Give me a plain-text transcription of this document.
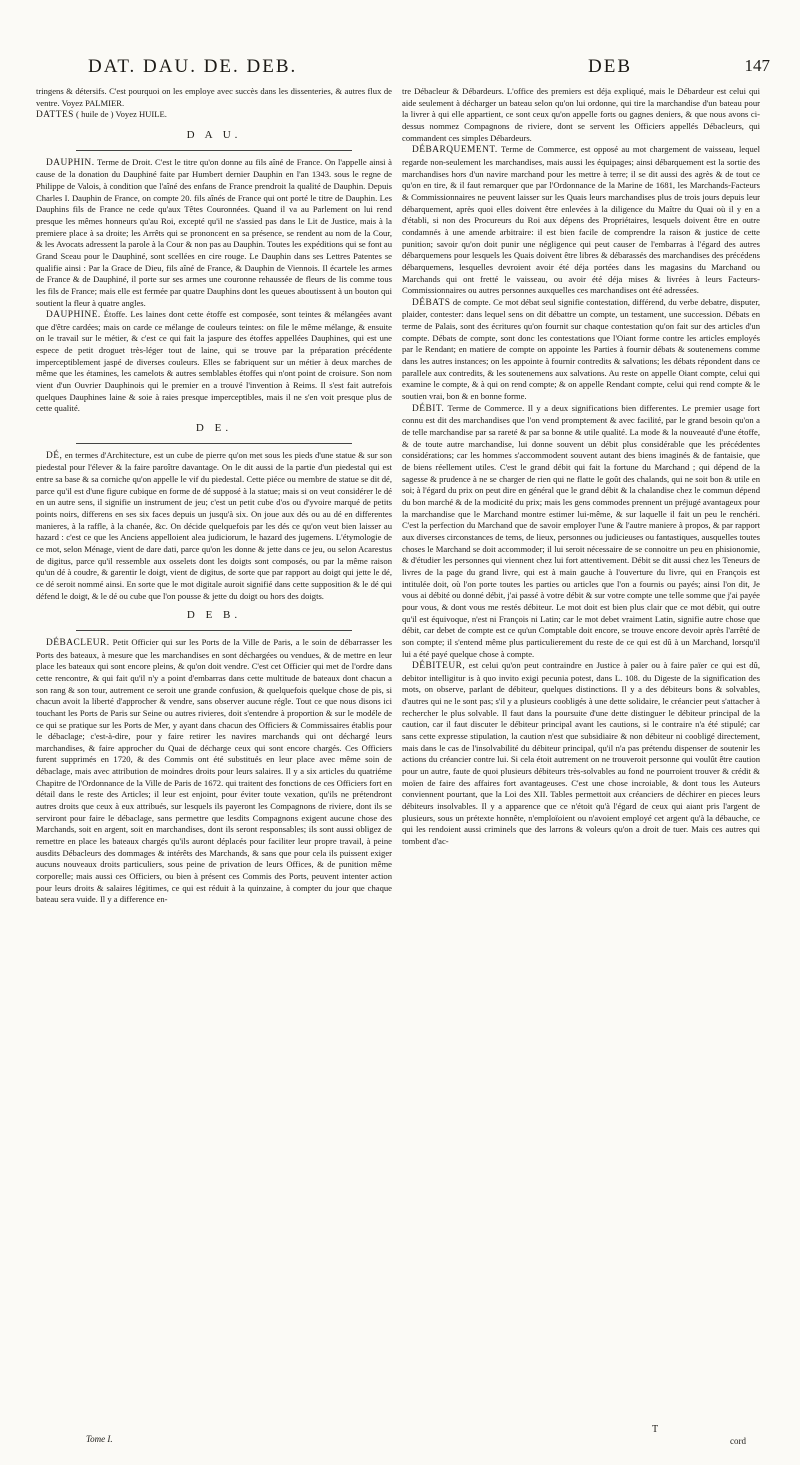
DAT. DAU. DE. DEB.	DEB	147

tringens & détersifs. C'est pourquoi on les employe avec succès dans les dissenteries, & autres flux de ventre. Voyez PALMIER.

DATTES ( huile de ) Voyez HUILE.

D A U.

DAUPHIN. Terme de Droit. C'est le titre qu'on donne au fils aîné de France. On l'appelle ainsi à cause de la donation du Dauphiné faite par Humbert dernier Dauphin en l'an 1343. sous le regne de Philippe de Valois, à condition que l'aîné des enfans de France prendroit la qualité de Dauphin. Depuis Charles I. Dauphin de France, on compte 20. fils aînés de France qui ont porté le titre de Dauphin. Les Dauphins fils de France ne cede qu'aux Têtes Couronnées. Quand il va au Parlement on lui rend presque les mêmes honneurs qu'au Roi, excepté qu'il ne s'assied pas dans le Lit de Justice, mais à la premiere place à sa droite; les Arrêts qui se prononcent en sa présence, se rendent au nom de la Cour, & les Avocats adressent la parole à la Cour & non pas au Dauphin. Toutes les expéditions qui se font au Grand Sceau pour le Dauphiné, sont scellées en cire rouge. Le Dauphin dans ses Lettres Patentes se qualifie ainsi : Par la Grace de Dieu, fils aîné de France, & Dauphin de Viennois. Il écartele les armes de France & de Dauphiné, il porte sur ses armes une couronne rehaussée de fleurs de lis comme tous les fils de France; mais elle est fermée par quatre Dauphins dont les queues aboutissent à un bouton qui soutient la fleur à quatre angles.

DAUPHINE. Étoffe. Les laines dont cette étoffe est composée, sont teintes & mélangées avant que d'être cardées; mais on carde ce mélange de couleurs teintes: on file le même mélange, & ensuite on le travail sur le métier, & c'est ce qui fait la jaspure des étoffes appellées Dauphines, qui est une espece de petit droguet très-léger tout de laine, qui se trouve par la préparation précédente imperceptiblement jaspé de diverses couleurs. Elles se fabriquent sur un métier à deux marches de même que les étamines, les camelots & autres semblables étoffes qui n'ont point de croisure. Son nom vient d'un Ouvrier Dauphinois qui le premier en a trouvé l'invention à Reims. Il s'est fait autrefois quelques Dauphines laine & soie à raies presque imperceptibles, mais il ne s'en voit presque plus de cette qualité.

D E.

DÉ, en termes d'Architecture, est un cube de pierre qu'on met sous les pieds d'une statue & sur son piedestal pour l'élever & la faire paroître davantage. On le dit aussi de la partie d'un piedestal qui est entre sa base & sa corniche qu'on appelle le vif du piedestal. Cette piéce ou membre de statue se dit dé, parce qu'il est d'une figure cubique en forme de dé supposé à la statue; mais si on veut considérer le dé en un autre sens, il signifie un instrument de jeu; c'est un petit cube d'os ou d'yvoire marqué de petits points noirs, differens en ses six faces depuis un jusqu'à six. On joue aux dés ou au dé en differentes manieres, à la raffle, à la chanée, &c. On décide quelquefois par les dés ce qu'on veut bien laisser au hazard : c'est ce que les Anciens appelloient alea judiciorum, le hazard des jugemens. L'étymologie de ce mot, selon Ménage, vient de dare dati, parce qu'on les donne & jette dans ce jeu, ou selon Acarestus de digitus, parce qu'il ressemble aux osselets dont les doigts sont composés, ou par la même raison qu'un dé à coudre, & garentir le doigt, vient de digitus, de sorte que par rapport au doigt qui jette le dé, ce dé seroit nommé ainsi. En sorte que le mot digitale auroit signifié dans cette supposition & le dé qui défend le doigt, & le dé ou cube que l'on pousse & jette du doigt ou hors des doigts.

D E B.

DÉBACLEUR. Petit Officier qui sur les Ports de la Ville de Paris, a le soin de débarrasser les Ports des bateaux, à mesure que les marchandises en sont déchargées ou vendues, & de mettre en leur place les bateaux qui sont encore pleins, & qu'on doit vendre. C'est cet Officier qui met de l'ordre dans cette rencontre, & qui fait qu'il n'y a point d'embarras dans cette multitude de bateaux dont chacun a son rang & son tour, autrement ce seroit une grande confusion, & quelquefois quelque chose de pis, si chacun avoit la liberté d'approcher & vendre, sans observer aucune régle. Tout ce que nous disons ici touchant les Ports de Paris sur Seine ou autres rivieres, doit s'entendre à proportion & sur le modéle de ce qui se pratique sur les Ports de Mer, y ayant dans chacun des Officiers & Commissaires établis pour le débaclage; c'est-à-dire, pour y faire retirer les navires marchands qui ont déchargé leurs marchandises, & faire approcher du Quai de décharge ceux qui sont encore chargés. Ces Officiers furent supprimés en 1720, & des Commis ont été substitués en leur place avec même soin de débaclage, mais avec attribution de moindres droits pour leurs salaires. Il y a six articles du quatriéme Chapitre de l'Ordonnance de la Ville de Paris de 1672. qui traitent des fonctions de ces Officiers fort en détail dans le reste des Articles; il leur est enjoint, pour éviter toute vexation, qu'ils ne prétendront autres droits que ceux à eux attribués, sur lesquels ils payeront les Compagnons de riviere, dont ils se serviront pour faire le débaclage, sans permettre que lesdits Compagnons exigent aucune chose des Marchands, soit en argent, soit en marchandises, dont ils seront responsables; ils sont aussi obligez de remettre en place les bateaux chargés qu'ils auront déplacés pour faciliter leur propre travail, à peine ausdits Débacleurs des dommages & intérêts des Marchands, & sans que pour cela ils puissent exiger aucuns nouveaux droits particuliers, sous peine de privation de leurs Offices, & de punition même corporelle; mais aussi ces Officiers, ou bien à présent ces Commis des Ports, peuvent intenter action pour leurs droits & salaires légitimes, ce qui est réduit à la quinzaine, à compter du jour que chaque bateau sera vuide. Il y a difference en-

tre Débacleur & Débardeurs. L'office des premiers est déja expliqué, mais le Débardeur est celui qui aide seulement à décharger un bateau selon qu'on lui ordonne, qui tire la marchandise d'un bateau pour la livrer à qui elle appartient, ce sont ceux qu'on appelle forts ou gagnes deniers, & que nous avons ci-dessus nommez Compagnons de riviere, dont se servent les Officiers appellés Débacleurs, qui commandent ces simples Débardeurs.

DÉBARQUEMENT. Terme de Commerce, est opposé au mot chargement de vaisseau, lequel regarde non-seulement les marchandises, mais aussi les équipages; ainsi débarquement est la sortie des marchandises hors d'un navire marchand pour les mettre à terre; il se dit aussi des agrès & de tout ce qu'on en tire, & il faut remarquer que par l'Ordonnance de la Marine de 1681, les Marchands-Facteurs & Commissionnaires ne peuvent laisser sur les Quais leurs marchandises plus de trois jours depuis leur débarquement, après quoi elles doivent être enlevées à la diligence du Maître du Quai où il y en a d'établi, si non des Procureurs du Roi aux dépens des Propriétaires, lesquels doivent être en outre condamnés à une amende arbitraire: il est bien facile de comprendre la raison & justice de cette punition; savoir qu'on doit punir une négligence qui peut causer de l'embarras à l'égard des autres débarquemens pour lesquels les Quais doivent être libres & débarassés des marchandises des précédens débarquemens, lesquelles devroient avoir été déja portées dans les magasins du Marchand ou Marchands qui ont fretté le vaisseau, ou avoir été déja mises & livrées à leurs Facteurs-Commissionnaires ou autres personnes auxquelles ces marchandises ont été adressées.

DÉBATS de compte. Ce mot débat seul signifie contestation, différend, du verbe debatre, disputer, plaider, contester: dans lequel sens on dit débattre un compte, un testament, une succession. Débats en terme de Palais, sont des écritures qu'on fournit sur chaque contestation qu'on fait sur des articles d'un compte. Débats de compte, sont donc les contestations que l'Oiant forme contre les articles employés par le Rendant; en matiere de compte on appointe les Parties à fournir débats & soutenemens comme dans les autres instances; on les appointe à fournir contredits & salvations; les débats répondent dans ce parallele aux contredits, & les soutenemens aux salvations. Au reste on appelle Oiant compte, celui qui examine le compte, & à qui on rend compte; & on appelle Rendant compte, celui qui rend compte & le soutien vrai, bon & en bonne forme.

DÉBIT. Terme de Commerce. Il y a deux significations bien differentes. Le premier usage fort connu est dit des marchandises que l'on vend promptement & avec facilité, par le grand besoin qu'on a de telle marchandise par sa rareté & par sa bonne & utile qualité. La mode & la nouveauté d'une étoffe, & de toute autre marchandise, lui donne souvent un débit plus considérable que les précédentes considérations; car les hommes s'accommodent souvent autant des biens imaginés & de fantaisie, que de biens réellement utiles. C'est le grand débit qui fait la fortune du Marchand ; qui dépend de la sagesse & prudence à ne se charger de rien qui ne flatte le goût des chalands, qui ne soit bon & utile en soi; à l'égard du prix on peut dire en général que le grand débit & la chalandise chez le commun dépend du bon marché & de la modicité du prix; mais les gens commodes prennent un préjugé avantageux pour la marchandise que le Marchand montre estimer lui-même, & sur laquelle il fait un peu le renchéri. C'est la perfection du Marchand que de savoir employer l'une & l'autre maniere à propos, & par rapport aux diverses circonstances de tems, de lieux, personnes ou judicieuses ou fantastiques, ausquelles toutes choses le Marchand se doit accommoder; il lui seroit nécessaire de se connoitre un peu en phisionomie, & d'étudier les personnes qui viennent chez lui fort attentivement. Débit se dit aussi chez les Teneurs de livres de la page du grand livre, qui est à main gauche à l'ouverture du livre, qui en François est intitulée doit, où l'on porte toutes les parties ou articles que l'on a fournis ou payés; ainsi l'on dit, Je vous ai débité ou donné débit, j'ai passé à votre débit & sur votre compte une telle somme que j'ai payée pour vous, & dont vous me restés débiteur. Le mot doit est bien plus clair que ce mot débit, qui outre qu'il est équivoque, n'est ni François ni Latin; car le mot debet vraiment Latin, signifie autre chose que débit, car debet de compte est ce qu'un Comptable doit encore, se trouve encore devoir après l'arrêté de son compte; il s'entend même plus particulierement du reste de ce qui est dû à un Marchand, lorsqu'il lui a été payé quelque chose à compte.

DÉBITEUR, est celui qu'on peut contraindre en Justice à païer ou à faire païer ce qui est dû, debitor intelligitur is à quo invito exigi pecunia potest, dans L. 108. du Digeste de la signification des mots, on observe, parlant de débiteur, quelques distinctions. Il y a des débiteurs bons & solvables, d'autres qui ne le sont pas; s'il y a plusieurs coobligés à une dette solidaire, le créancier peut s'attacher à rechercher le plus solvable. Il faut dans la poursuite d'une dette distinguer le débiteur principal de la caution, car il faut discuter le débiteur principal avant les cautions, si le contraire n'a été stipulé; car sans cette expresse stipulation, la caution n'est que subsidiaire & non débiteur ni coobligé directement, mais dans le cas de l'insolvabilité du débiteur principal, qu'il n'a pas prétendu dispenser de soutenir les actions du créancier contre lui. Si cela étoit autrement on ne trouveroit personne qui voulût être caution pour un autre, faute de quoi plusieurs débiteurs très-solvables au fond ne pourroient trouver & crédit & moïen de faire des affaires fort avantageuses. C'est une chose incroiable, & dont tous les Auteurs conviennent pourtant, que la Loi des XII. Tables permettoit aux créanciers de déchirer en pieces leurs débiteurs insolvables. Il y a apparence que ce n'étoit qu'à l'égard de ceux qui aiant pris l'argent de plusieurs, sous un prétexte honnête, n'emploïoient ou n'avoient employé cet argent qu'à la débauche, ce qui les rendoient aussi criminels que des larrons & voleurs qu'on a droit de tuer. Mais ces autres qui tombent d'ac-

Tome I.
T
cord
